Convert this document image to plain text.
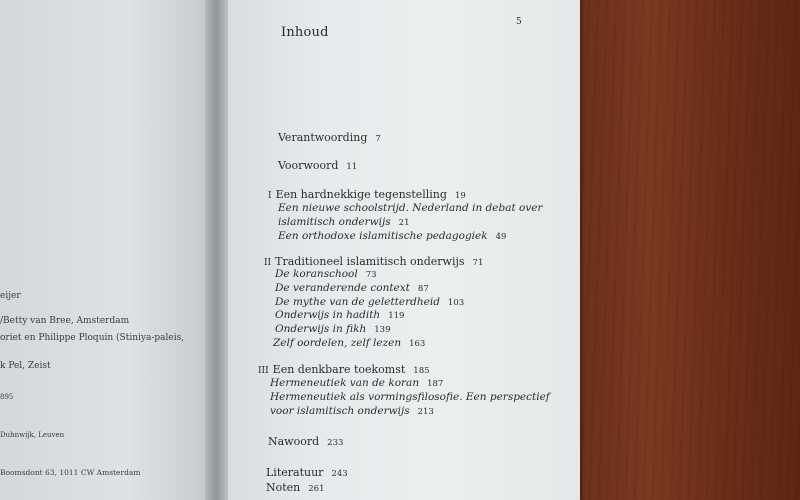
eijer
/Betty van Bree, Amsterdam
oriet en Philippe Ploquin (Stiniya-paleis,
k Pel, Zeist
895
Duhnwijk, Leuven
Boomsdont 63, 1011 CW Amsterdam
5
Inhoud
Verantwoording 7
Voorwoord 11
I Een hardnekkige tegenstelling 19
Een nieuwe schoolstrijd. Nederland in debat over
islamitisch onderwijs 21
Een orthodoxe islamitische pedagogiek 49
II Traditioneel islamitisch onderwijs 71
De koranschool 73
De veranderende context 87
De mythe van de geletterdheid 103
Onderwijs in hadith 119
Onderwijs in fikh 139
Zelf oordelen, zelf lezen 163
III Een denkbare toekomst 185
Hermeneutiek van de koran 187
Hermeneutiek als vormingsfilosofie. Een perspectief
voor islamitisch onderwijs 213
Nawoord 233
Literatuur 243
Noten 261
